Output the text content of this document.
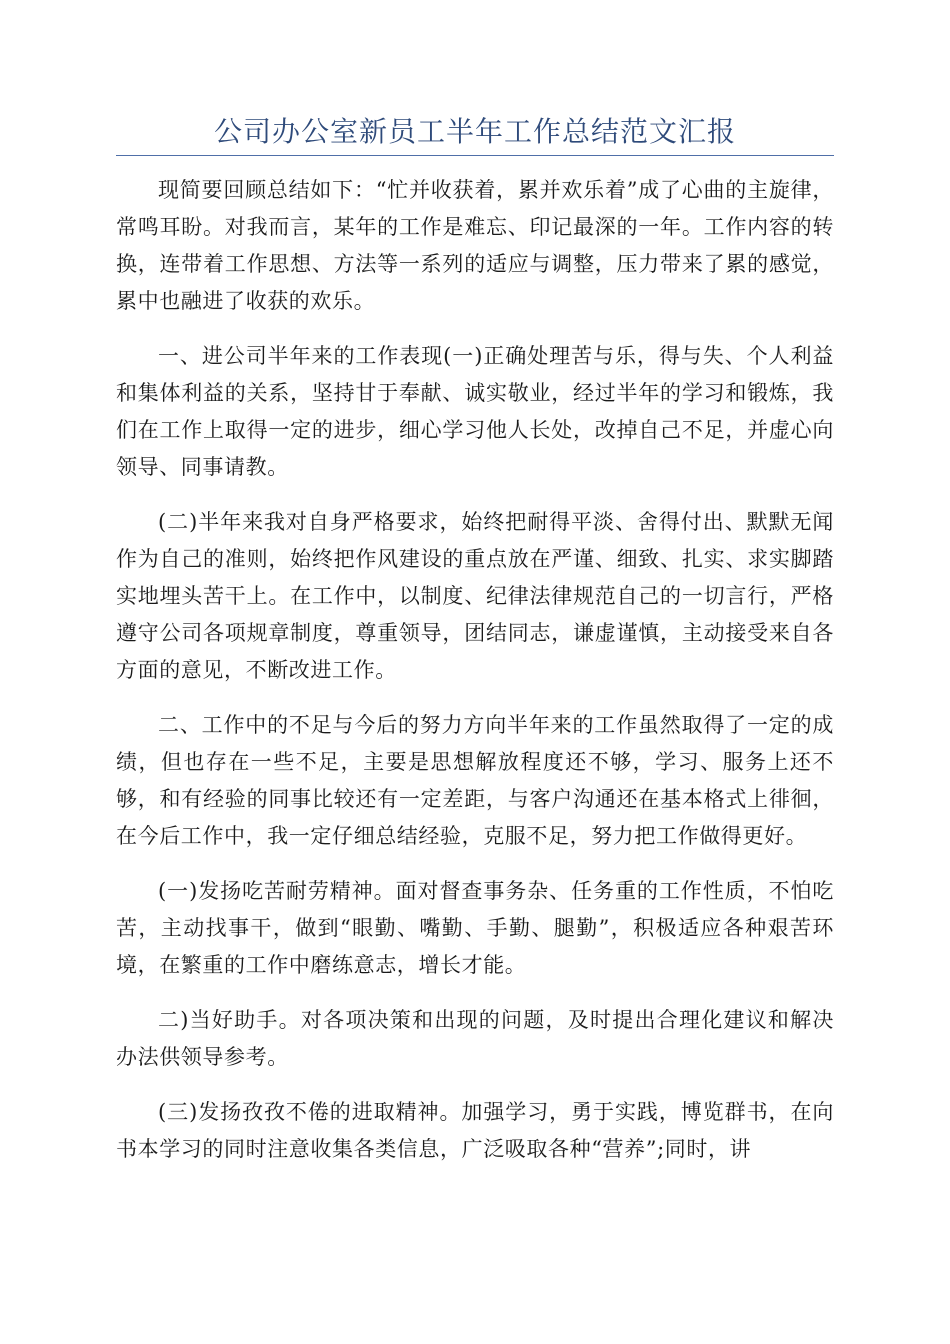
公司办公室新员工半年工作总结范文汇报

现简要回顾总结如下：“忙并收获着，累并欢乐着”成了心曲的主旋律，常鸣耳盼。对我而言，某年的工作是难忘、印记最深的一年。工作内容的转换，连带着工作思想、方法等一系列的适应与调整，压力带来了累的感觉，累中也融进了收获的欢乐。

一、进公司半年来的工作表现(一)正确处理苦与乐，得与失、个人利益和集体利益的关系，坚持甘于奉献、诚实敬业，经过半年的学习和锻炼，我们在工作上取得一定的进步，细心学习他人长处，改掉自己不足，并虚心向领导、同事请教。

(二)半年来我对自身严格要求，始终把耐得平淡、舍得付出、默默无闻作为自己的准则，始终把作风建设的重点放在严谨、细致、扎实、求实脚踏实地埋头苦干上。在工作中，以制度、纪律法律规范自己的一切言行，严格遵守公司各项规章制度，尊重领导，团结同志，谦虚谨慎，主动接受来自各方面的意见，不断改进工作。

二、工作中的不足与今后的努力方向半年来的工作虽然取得了一定的成绩，但也存在一些不足，主要是思想解放程度还不够，学习、服务上还不够，和有经验的同事比较还有一定差距，与客户沟通还在基本格式上徘徊，在今后工作中，我一定仔细总结经验，克服不足，努力把工作做得更好。

(一)发扬吃苦耐劳精神。面对督查事务杂、任务重的工作性质，不怕吃苦，主动找事干，做到“眼勤、嘴勤、手勤、腿勤”，积极适应各种艰苦环境，在繁重的工作中磨练意志，增长才能。

二)当好助手。对各项决策和出现的问题，及时提出合理化建议和解决办法供领导参考。

(三)发扬孜孜不倦的进取精神。加强学习，勇于实践，博览群书，在向书本学习的同时注意收集各类信息，广泛吸取各种“营养”;同时，讲
